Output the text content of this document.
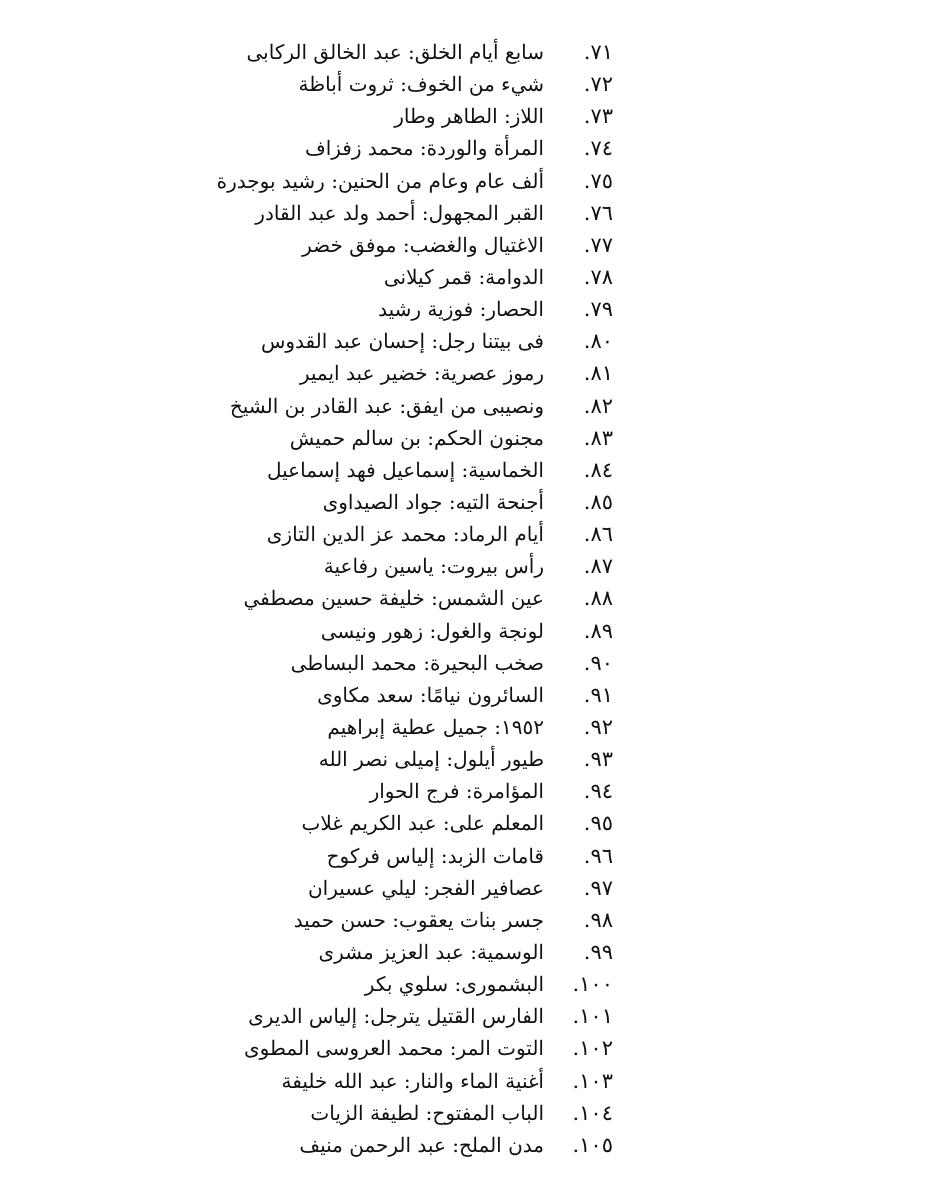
٧١.
سابع أيام الخلق: عبد الخالق الركابى
٧٢.
شيء من الخوف: ثروت أباظة
٧٣.
اللاز: الطاهر وطار
٧٤.
المرأة والوردة: محمد زفزاف
٧٥.
ألف عام وعام من الحنين: رشيد بوجدرة
٧٦.
القبر المجهول: أحمد ولد عبد القادر
٧٧.
الاغتيال والغضب: موفق خضر
٧٨.
الدوامة: قمر كيلانى
٧٩.
الحصار: فوزية رشيد
٨٠.
فى بيتنا رجل: إحسان عبد القدوس
٨١.
رموز عصرية: خضير عبد ايمير
٨٢.
ونصيبى من ايفق: عبد القادر بن الشيخ
٨٣.
مجنون الحكم: بن سالم حميش
٨٤.
الخماسية: إسماعيل فهد إسماعيل
٨٥.
أجنحة التيه: جواد الصيداوى
٨٦.
أيام الرماد: محمد عز الدين التازى
٨٧.
رأس بيروت: ياسين رفاعية
٨٨.
عين الشمس: خليفة حسين مصطفي
٨٩.
لونجة والغول: زهور ونيسى
٩٠.
صخب البحيرة: محمد البساطى
٩١.
السائرون نيامًا: سعد مكاوى
٩٢.
١٩٥٢: جميل عطية إبراهيم
٩٣.
طيور أيلول: إميلى نصر الله
٩٤.
المؤامرة: فرج الحوار
٩٥.
المعلم على: عبد الكريم غلاب
٩٦.
قامات الزبد: إلياس فركوح
٩٧.
عصافير الفجر: ليلي عسيران
٩٨.
جسر بنات يعقوب: حسن حميد
٩٩.
الوسمية: عبد العزيز مشرى
١٠٠.
البشمورى: سلوي بكر
١٠١.
الفارس القتيل يترجل: إلياس الديرى
١٠٢.
التوت المر: محمد العروسى المطوى
١٠٣.
أغنية الماء والنار: عبد الله خليفة
١٠٤.
الباب المفتوح: لطيفة الزيات
١٠٥.
مدن الملح: عبد الرحمن منيف
